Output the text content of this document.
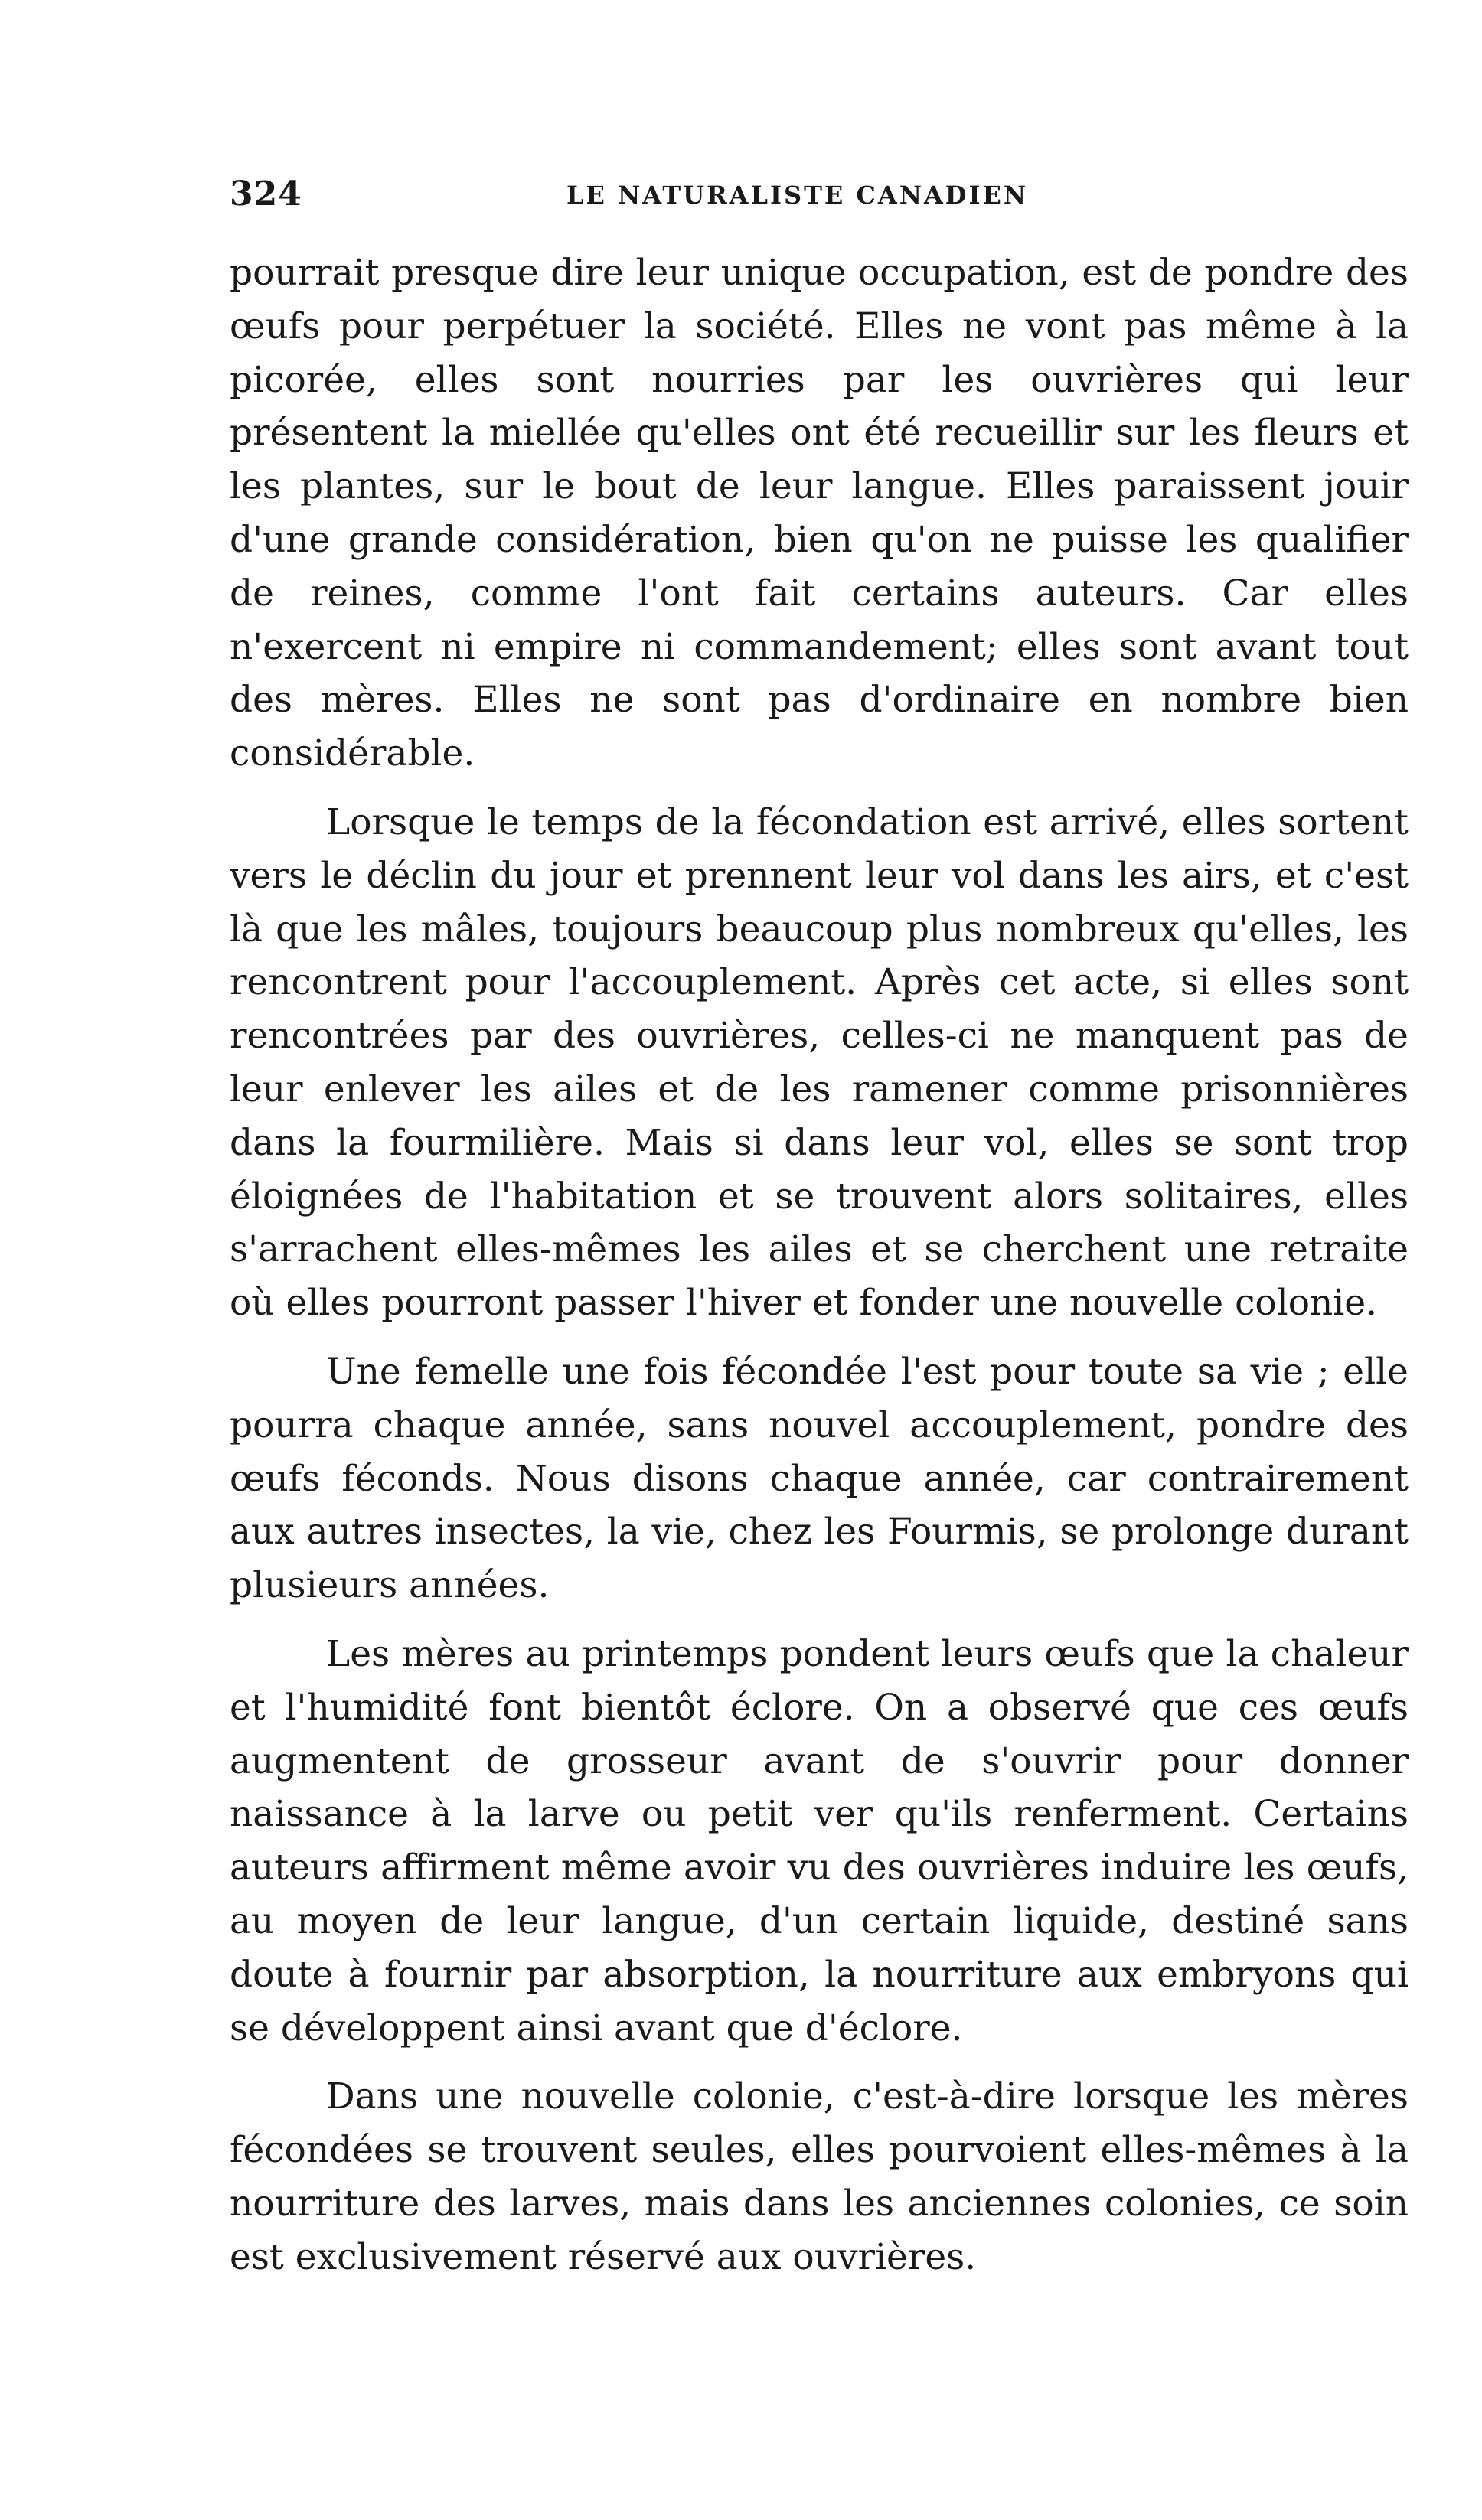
324	LE NATURALISTE CANADIEN

pourrait presque dire leur unique occupation, est de pondre des œufs pour perpétuer la société. Elles ne vont pas même à la picorée, elles sont nourries par les ouvrières qui leur présentent la miellée qu'elles ont été recueillir sur les fleurs et les plantes, sur le bout de leur langue. Elles paraissent jouir d'une grande considération, bien qu'on ne puisse les qualifier de reines, comme l'ont fait certains auteurs. Car elles n'exercent ni empire ni commandement; elles sont avant tout des mères. Elles ne sont pas d'ordinaire en nombre bien considérable.

Lorsque le temps de la fécondation est arrivé, elles sortent vers le déclin du jour et prennent leur vol dans les airs, et c'est là que les mâles, toujours beaucoup plus nombreux qu'elles, les rencontrent pour l'accouplement. Après cet acte, si elles sont rencontrées par des ouvrières, celles-ci ne manquent pas de leur enlever les ailes et de les ramener comme prisonnières dans la fourmilière. Mais si dans leur vol, elles se sont trop éloignées de l'habitation et se trouvent alors solitaires, elles s'arrachent elles-mêmes les ailes et se cherchent une retraite où elles pourront passer l'hiver et fonder une nouvelle colonie.

Une femelle une fois fécondée l'est pour toute sa vie ; elle pourra chaque année, sans nouvel accouplement, pondre des œufs féconds. Nous disons chaque année, car contrairement aux autres insectes, la vie, chez les Fourmis, se prolonge durant plusieurs années.

Les mères au printemps pondent leurs œufs que la chaleur et l'humidité font bientôt éclore. On a observé que ces œufs augmentent de grosseur avant de s'ouvrir pour donner naissance à la larve ou petit ver qu'ils renferment. Certains auteurs affirment même avoir vu des ouvrières induire les œufs, au moyen de leur langue, d'un certain liquide, destiné sans doute à fournir par absorption, la nourriture aux embryons qui se développent ainsi avant que d'éclore.

Dans une nouvelle colonie, c'est-à-dire lorsque les mères fécondées se trouvent seules, elles pourvoient elles-mêmes à la nourriture des larves, mais dans les anciennes colonies, ce soin est exclusivement réservé aux ouvrières.
